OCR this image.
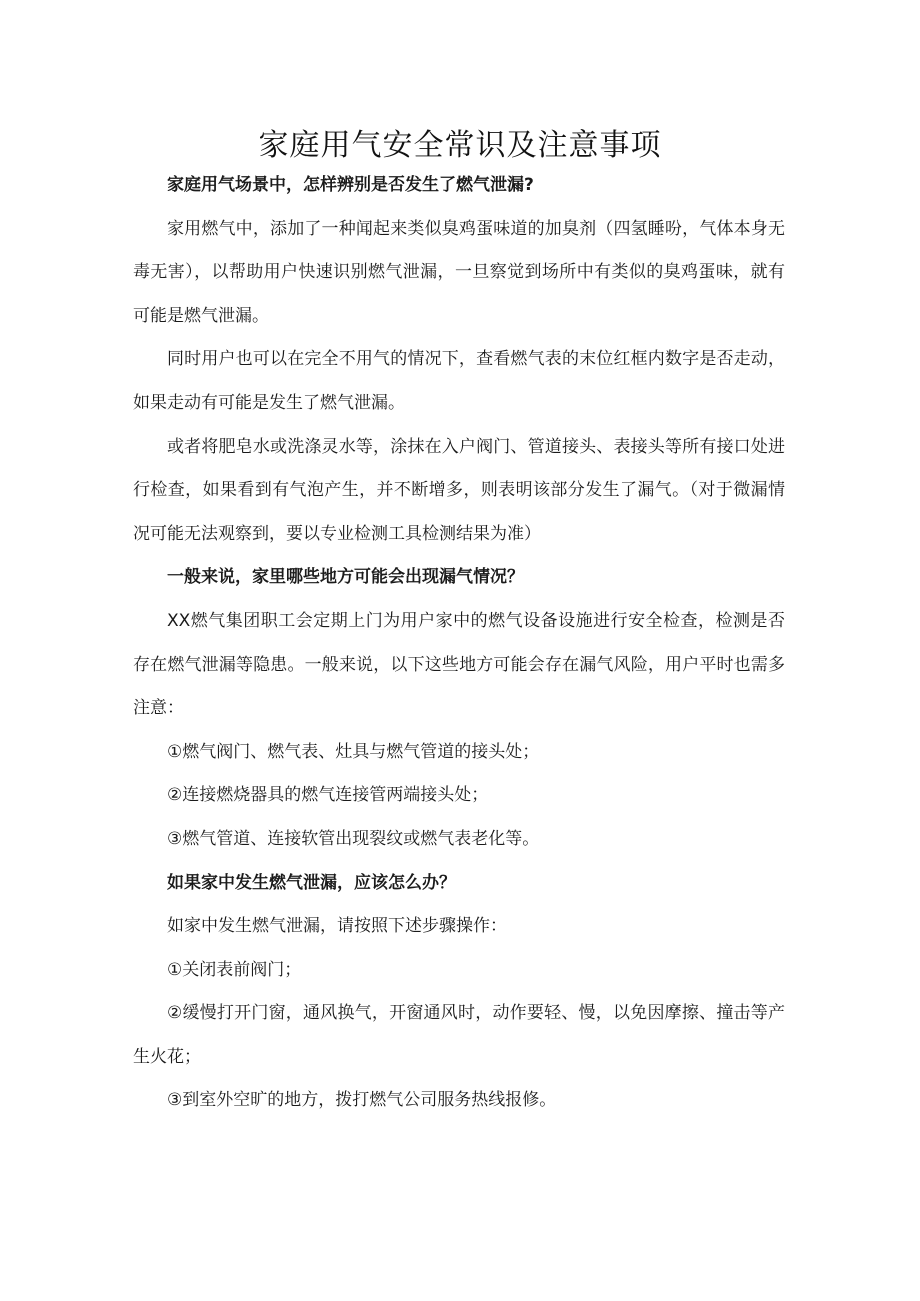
家庭用气安全常识及注意事项

家庭用气场景中，怎样辨别是否发生了燃气泄漏?

家用燃气中，添加了一种闻起来类似臭鸡蛋味道的加臭剂（四氢睡吩，气体本身无毒无害），以帮助用户快速识别燃气泄漏，一旦察觉到场所中有类似的臭鸡蛋味，就有可能是燃气泄漏。

同时用户也可以在完全不用气的情况下，查看燃气表的末位红框内数字是否走动，如果走动有可能是发生了燃气泄漏。

或者将肥皂水或洗涤灵水等，涂抹在入户阀门、管道接头、表接头等所有接口处进行检查，如果看到有气泡产生，并不断增多，则表明该部分发生了漏气。（对于微漏情况可能无法观察到，要以专业检测工具检测结果为准）

一般来说，家里哪些地方可能会出现漏气情况？

XX燃气集团职工会定期上门为用户家中的燃气设备设施进行安全检查，检测是否存在燃气泄漏等隐患。一般来说，以下这些地方可能会存在漏气风险，用户平时也需多注意：

①燃气阀门、燃气表、灶具与燃气管道的接头处；

②连接燃烧器具的燃气连接管两端接头处；

③燃气管道、连接软管出现裂纹或燃气表老化等。

如果家中发生燃气泄漏，应该怎么办？

如家中发生燃气泄漏，请按照下述步骤操作：

①关闭表前阀门；

②缓慢打开门窗，通风换气，开窗通风时，动作要轻、慢，以免因摩擦、撞击等产生火花；

③到室外空旷的地方，拨打燃气公司服务热线报修。
